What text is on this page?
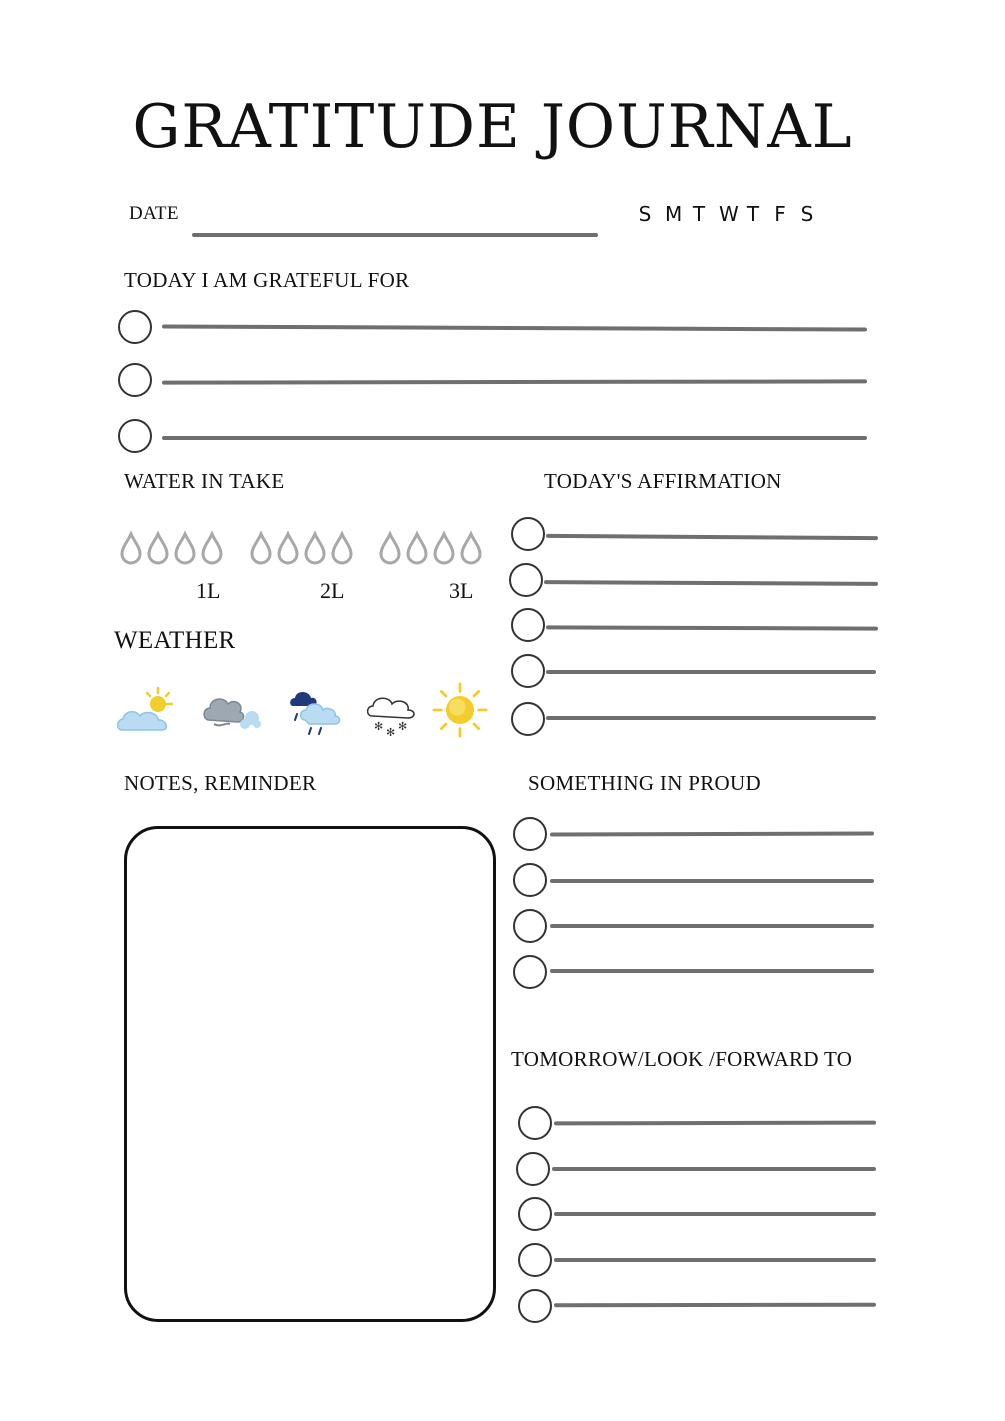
GRATITUDE JOURNAL
DATE	S M T W T F S
TODAY I AM GRATEFUL FOR
WATER IN TAKE
1L	2L	3L
WEATHER
✻ ✻ ✻
TODAY'S AFFIRMATION
NOTES, REMINDER	SOMETHING IN PROUD
TOMORROW/LOOK /FORWARD TO
